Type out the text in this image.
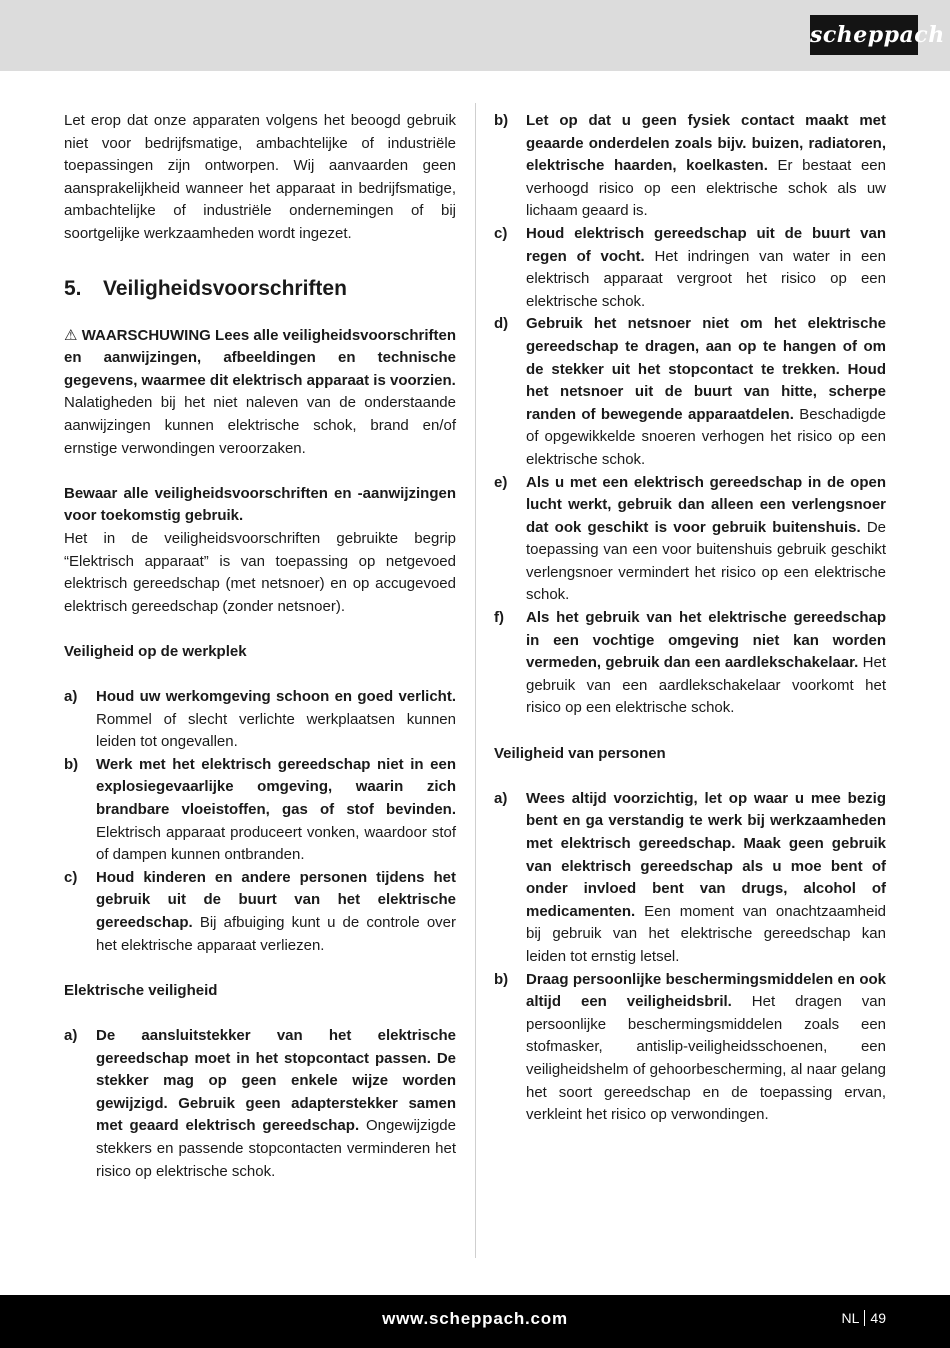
scheppach

Let erop dat onze apparaten volgens het beoogd gebruik niet voor bedrijfsmatige, ambachtelijke of industriële toepassingen zijn ontworpen. Wij aanvaarden geen aansprakelijkheid wanneer het apparaat in bedrijfsmatige, ambachtelijke of industriële ondernemingen of bij soortgelijke werkzaamheden wordt ingezet.

5. Veiligheidsvoorschriften

⚠ WAARSCHUWING Lees alle veiligheidsvoorschriften en aanwijzingen, afbeeldingen en technische gegevens, waarmee dit elektrisch apparaat is voorzien.

Nalatigheden bij het niet naleven van de onderstaande aanwijzingen kunnen elektrische schok, brand en/of ernstige verwondingen veroorzaken.

Bewaar alle veiligheidsvoorschriften en -aanwijzingen voor toekomstig gebruik.

Het in de veiligheidsvoorschriften gebruikte begrip “Elektrisch apparaat” is van toepassing op netgevoed elektrisch gereedschap (met netsnoer) en op accugevoed elektrisch gereedschap (zonder netsnoer).

Veiligheid op de werkplek

a)	Houd uw werkomgeving schoon en goed verlicht. Rommel of slecht verlichte werkplaatsen kunnen leiden tot ongevallen.
b)	Werk met het elektrisch gereedschap niet in een explosiegevaarlijke omgeving, waarin zich brandbare vloeistoffen, gas of stof bevinden. Elektrisch apparaat produceert vonken, waardoor stof of dampen kunnen ontbranden.
c)	Houd kinderen en andere personen tijdens het gebruik uit de buurt van het elektrische gereedschap. Bij afbuiging kunt u de controle over het elektrische apparaat verliezen.

Elektrische veiligheid

a)	De aansluitstekker van het elektrische gereedschap moet in het stopcontact passen. De stekker mag op geen enkele wijze worden gewijzigd. Gebruik geen adapterstekker samen met geaard elektrisch gereedschap. Ongewijzigde stekkers en passende stopcontacten verminderen het risico op elektrische schok.
b)	Let op dat u geen fysiek contact maakt met geaarde onderdelen zoals bijv. buizen, radiatoren, elektrische haarden, koelkasten. Er bestaat een verhoogd risico op een elektrische schok als uw lichaam geaard is.
c)	Houd elektrisch gereedschap uit de buurt van regen of vocht. Het indringen van water in een elektrisch apparaat vergroot het risico op een elektrische schok.
d)	Gebruik het netsnoer niet om het elektrische gereedschap te dragen, aan op te hangen of om de stekker uit het stopcontact te trekken. Houd het netsnoer uit de buurt van hitte, scherpe randen of bewegende apparaatdelen. Beschadigde of opgewikkelde snoeren verhogen het risico op een elektrische schok.
e)	Als u met een elektrisch gereedschap in de open lucht werkt, gebruik dan alleen een verlengsnoer dat ook geschikt is voor gebruik buitenshuis. De toepassing van een voor buitenshuis gebruik geschikt verlengsnoer vermindert het risico op een elektrische schok.
f)	Als het gebruik van het elektrische gereedschap in een vochtige omgeving niet kan worden vermeden, gebruik dan een aardlekschakelaar. Het gebruik van een aardlekschakelaar voorkomt het risico op een elektrische schok.

Veiligheid van personen

a)	Wees altijd voorzichtig, let op waar u mee bezig bent en ga verstandig te werk bij werkzaamheden met elektrisch gereedschap. Maak geen gebruik van elektrisch gereedschap als u moe bent of onder invloed bent van drugs, alcohol of medicamenten. Een moment van onachtzaamheid bij gebruik van het elektrische gereedschap kan leiden tot ernstig letsel.
b)	Draag persoonlijke beschermingsmiddelen en ook altijd een veiligheidsbril. Het dragen van persoonlijke beschermingsmiddelen zoals een stofmasker, antislip-veiligheidsschoenen, een veiligheidshelm of gehoorbescherming, al naar gelang het soort gereedschap en de toepassing ervan, verkleint het risico op verwondingen.
www.scheppach.com	NL 49
